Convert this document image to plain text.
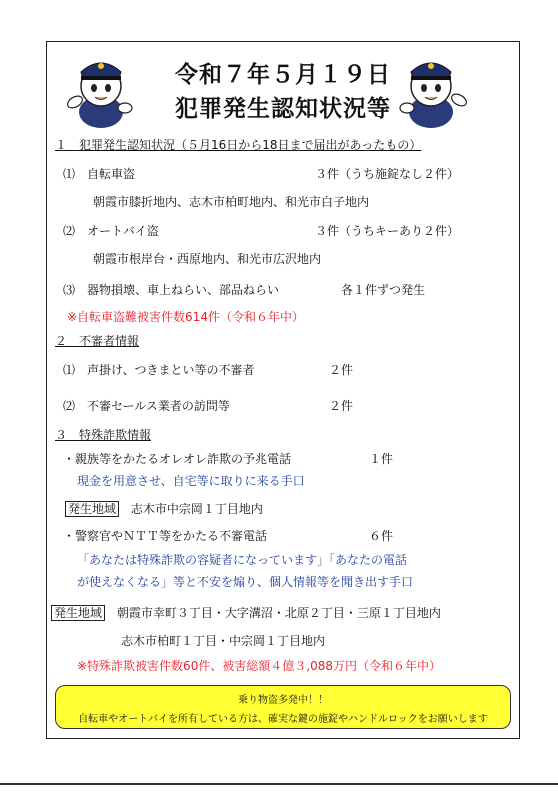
令和７年５月１９日
犯罪発生認知状況等
１　犯罪発生認知状況（５月16日から18日まで届出があったもの）
⑴　自転車盗	３件（うち施錠なし２件）
朝霞市膝折地内、志木市柏町地内、和光市白子地内
⑵　オートバイ盗	３件（うちキーあり２件）
朝霞市根岸台・西原地内、和光市広沢地内
⑶　器物損壊、車上ねらい、部品ねらい	各１件ずつ発生
※自転車盗難被害件数614件（令和６年中）
２　不審者情報
⑴　声掛け、つきまとい等の不審者	２件
⑵　不審セールス業者の訪問等	２件
３　特殊詐欺情報
・親族等をかたるオレオレ詐欺の予兆電話	１件
現金を用意させ、自宅等に取りに来る手口
発生地域 志木市中宗岡１丁目地内
・警察官やＮＴＴ等をかたる不審電話	６件
「あなたは特殊詐欺の容疑者になっています」「あなたの電話
が使えなくなる」等と不安を煽り、個人情報等を聞き出す手口
発生地域 朝霞市幸町３丁目・大字溝沼・北原２丁目・三原１丁目地内
志木市柏町１丁目・中宗岡１丁目地内
※特殊詐欺被害件数60件、被害総額４億３,088万円（令和６年中）
乗り物盗多発中！！
自転車やオートバイを所有している方は、確実な鍵の施錠やハンドルロックをお願いします
